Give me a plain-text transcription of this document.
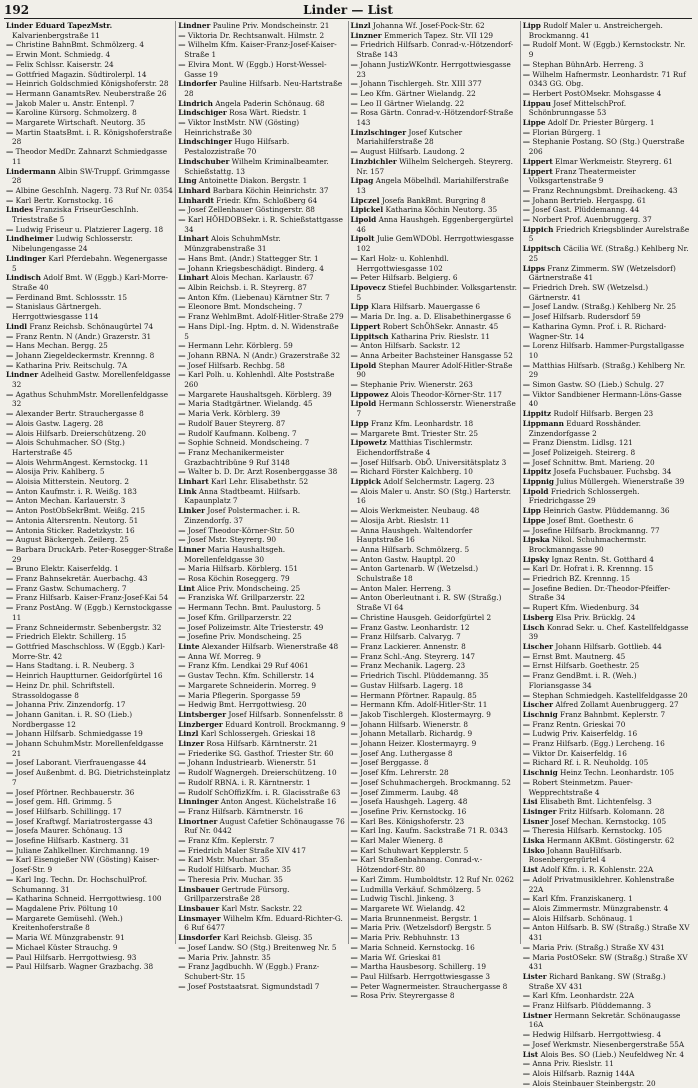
192	Linder — List

Linder Eduard TapezMstr. Kalvarienbergstraße 11

— Christine BahnBmt. Schmölzerg. 4

— Erwin Mont. Schmiedg. 4

— Felix Schlssr. Kaiserstr. 24

— Gottfried Magazin. Südtirolerpl. 14

— Heinrich Goldschmied Königshoferstr. 28

— Hermann GanamtsRev. Neuberstraße 26

— Jakob Maler u. Anstr. Entenpl. 7

— Karoline Kürsorg. Schmolzerg. 8

— Margarete Wirtschaft. Neutorg. 35

— Martin StaatsBmt. i. R. Königshoferstraße 28

— Theodor MedDr. Zahnarzt Schmiedgasse 11

Lindermann Albin SW-Truppf. Grimmgasse 28

— Albine GeschInh. Nagerg. 73 Ruf Nr. 0354

— Karl Bertr. Kornstockg. 16

Lindes Franziska FriseurGeschInh. Trieststraße 5

— Ludwig Friseur u. Platzierer Lagerg. 18

Lindheimer Ludwig Schlosserstr. Nibelungengasse 24

Lindinger Karl Pferdebahn. Wegenergasse 5

Lindisch Adolf Bmt. W (Eggb.) Karl-Morre-Straße 40

— Ferdinand Bmt. Schlossstr. 15

— Stanislaus Gärtnergeh. Herrgottwiesgasse 114

Lindl Franz Reichsb. Schönaugürtel 74

— Franz Rentn. N (Andr.) Grazerstr. 31

— Hans Mechan. Bergg. 25

— Johann Ziegeldeckermstr. Krennng. 8

— Katharina Priv. Reitschulg. 7A

Lindner Adelheid Gastw. Morellenfeldgasse 32

— Agathus SchuhmMstr. Morellenfeldgasse 32

— Alexander Bertr. Strauchergasse 8

— Alois Gastw. Lagerg. 28

— Alois Hilfsarb. Dreierschützeng. 20

— Alois Schuhmacher. SO (Stg.) Harterstraße 45

— Alois WehrmAngest. Kernstockg. 11

— Alosija Priv. Kahlberg. 5

— Aloisia Mitterstein. Neutorg. 2

— Anton Kaufmstr. i. R. Weißg. 183

— Anton Mechan. Karlauerstr. 3

— Anton PostObSekrBmt. Weißg. 215

— Antonia Altersrentn. Neutorg. 51

— Antonia Sticker. Radetzkystr. 16

— August Bäckergeh. Zeilerg. 25

— Barbara DruckArb. Peter-Rosegger-Straße 29

— Bruno Elektr. Kaiserfeldg. 1

— Franz Bahnsekretär. Auerbachg. 43

— Franz Gastw. Schumacherg. 7

— Franz Hilfsarb. Kaiser-Franz-Josef-Kai 54

— Franz PostAng. W (Eggb.) Kernstockgasse 11

— Franz Schneidermstr. Sebenbergstr. 32

— Friedrich Elektr. Schillerg. 15

— Gottfried Maschschloss. W (Eggb.) Karl-Morre-Str. 42

— Hans Stadtang. i. R. Neuberg. 3

— Heinrich Hauptturner. Geidorfgürtel 16

— Heinz Dr. phil. Schriftstell. Strassoldogasse 8

— Johanna Priv. Zinzendorfg. 17

— Johann Ganitan. i. R. SO (Lieb.) Nordbergasse 12

— Johann Hilfsarb. Schmiedgasse 19

— Johann SchuhmMstr. Morellenfeldgasse 21

— Josef Laborant. Vierfrauengasse 44

— Josef Außenbmt. d. BG. Dietrichsteinplatz 7

— Josef Pförtner. Rechbauerstr. 36

— Josef gem. Hfl. Grimmg. 5

— Josef Hilfsarb. Schillingg. 17

— Josef Kraftwgf. Mariatrostergasse 43

— Josefa Maurer. Schönaug. 13

— Josefine Hilfsarb. Kastnerg. 31

— Juliane Zahlkellner. Kirchmanng. 19

— Karl Eisengießer NW (Gösting) Kaiser-Josef-Str. 9

— Karl Ing. Techn. Dr. HochschulProf. Schumanng. 31

— Katharina Schneid. Herrgottwiesg. 100

— Magdalene Priv. Pöltung 10

— Margarete Gemüsehl. (Weh.) Kreitenhoferstraße 8

— Maria Wf. Münzgrabenstr. 91

— Michael Küster Strauchg. 9

— Paul Hilfsarb. Herrgottwiesg. 93

— Paul Hilfsarb. Wagner Grazbachg. 38

Lindner Pauline Priv. Mondscheinstr. 21

— Viktoria Dr. Rechtsanwalt. Hilmstr. 2

— Wilhelm Kfm. Kaiser-Franz-Josef-Kaiser-Straße 1

— Elvira Mont. W (Eggb.) Horst-Wessel-Gasse 19

Lindorfer Pauline Hilfsarb. Neu-Hartstraße 28

Lindrich Angela Paderin Schönaug. 68

Lindschiger Rosa Wärt. Riedstr. 1

— Viktor InstMstr. NW (Gösting) Heinrichstraße 30

Lindschinger Hugo Hilfsarb. Pestalozzistraße 70

Lindschuber Wilhelm Kriminalbeamter. Schießstattg. 13

Ling Antoinette Diakon. Bergstr. 1

Linhard Barbara Köchin Heinrichstr. 37

Linhardt Friedr. Kfm. Schloßberg 64

— Josef Zellenhauer Göstingerstr. 88

— Karl HÖHDOBSekr. i. R. Schießstattgasse 34

Linhart Alois SchuhmMstr. Münzgrabenstraße 31

— Hans Bmt. (Andr.) Stattegger Str. 1

— Johann Kriegsbeschädigt. Binderg. 4

Linhart Alois Mechan. Karlaustr. 67

— Albin Reichsb. i. R. Steyrerg. 87

— Anton Kfm. (Liebenau) Kärntner Str. 7

— Eleonore Bmt. Mondscheing. 7

— Franz WehlmBmt. Adolf-Hitler-Straße 279

— Hans Dipl.-Ing. Hptm. d. N. Widenstraße 5

— Hermann Lehr. Körblerg. 59

— Johann RBNA. N (Andr.) Grazerstraße 32

— Josef Hilfsarb. Rechbg. 58

— Karl Polh. u. Kohlenhdl. Alte Poststraße 260

— Margarete Haushaltsgeh. Körblerg. 39

— Maria Stadtgärtner. Wielandg. 45

— Maria Verk. Körblerg. 39

— Rudolf Bauer Steyrerg. 87

— Rudolf Kaufmann. Kolbeng. 7

— Sophie Schneid. Mondscheing. 7

— Franz Mechanikermeister Grazbachtribüne 9 Ruf 3148

— Walter b. D. Dr. Arzt Rosenberggasse 38

Linhart Karl Lehr. Elisabethstr. 52

Link Anna Stadtbeamt. Hilfsarb. Kapaunplatz 7

Linker Josef Polstermacher. i. R. Zinzendorfg. 37

— Josef Theodor-Körner-Str. 50

— Josef Mstr. Steyrerg. 90

Linner Maria Haushaltsgeh. Morellenfeldgasse 30

— Maria Hilfsarb. Körblerg. 151

— Rosa Köchin Roseggerg. 79

Lint Alice Priv. Mondscheing. 25

— Franziska Wf. Grillparzerstr. 22

— Hermann Techn. Bmt. Paulustorg. 5

— Josef Kfm. Grillparzerstr. 22

— Josef Polizeimstr. Alte Triesterstr. 49

— Josefine Priv. Mondscheing. 25

Linte Alexander Hilfsarb. Wienerstraße 48

— Anna Wf. Morreg. 9

— Franz Kfm. Lendkai 29 Ruf 4061

— Gustav Techn. Kfm. Schillerstr. 14

— Margarete Schneiderin. Morreg. 9

— Maria Pflegerin. Sporgasse 59

— Hedwig Bmt. Herrgottwiesg. 20

Lintsberger Josef Hilfsarb. Sonnenfelsstr. 8

Linzberger Eduard Kontroll. Brockmanng. 9

Linzl Karl Schlossergeh. Grieskai 18

Linzer Rosa Hilfsarb. Kärntnerstr. 21

— Friederike SG. Gasthof. Triester Str. 60

— Johann Industriearb. Wienerstr. 51

— Rudolf Wagnergeh. Dreierschützeng. 10

— Rudolf RBNA. i. R. Kärntnerstr. 1

— Rudolf SchOffizKfm. i. R. Glacisstraße 63

Linninger Anton Angest. Küchelstraße 16

— Franz Hilfsarb. Kärntnerstr. 16

Linortner August Cafetier Schönaugasse 76 Ruf Nr. 0442

— Franz Kfm. Keplerstr. 7

— Friedrich Maler Straße XIV 417

— Karl Mstr. Muchar. 35

— Rudolf Hilfsarb. Muchar. 35

— Theresia Priv. Muchar. 35

Linsbauer Gertrude Fürsorg. Grillparzerstraße 28

Linsbauer Karl Mstr. Sackstr. 22

Linsmayer Wilhelm Kfm. Eduard-Richter-G. 6 Ruf 6477

Linsdorfer Karl Reichsb. Gleisg. 35

— Josef Landw. SO (Stg.) Breitenweg Nr. 5

— Maria Priv. Jahnstr. 35

— Franz Jagdbuchh. W (Eggb.) Franz-Schubert-Str. 15

— Josef Poststaatsrat. Sigmundstadl 7

Linzl Johanna Wf. Josef-Pock-Str. 62

Linzner Emmerich Tapez. Str. VII 129

— Friedrich Hilfsarb. Conrad-v.-Hötzendorf-Straße 143

— Johann JustizWKontr. Herrgottwiesgasse 23

— Johann Tischlergeh. Str. XIII 377

— Leo Kfm. Gärtner Wielandg. 22

— Leo II Gärtner Wielandg. 22

— Rosa Gärtn. Conrad-v.-Hötzendorf-Straße 143

Linzlschinger Josef Kutscher Mariahilferstraße 28

— August Hilfsarb. Laudong. 2

Linzbichler Wilhelm Selchergeh. Steyrerg. Nr. 157

Lipag Angela Möbelhdl. Mariahilferstraße 13

Lipczel Josefa BankBmt. Burgring 8

Lipickel Katharina Köchin Neutorg. 35

Lipold Anna Haushgeh. Eggenbergergürtel 46

Lipolt Julie GemWDObl. Herrgottwiesgasse 102

— Karl Holz- u. Kohlenhdl. Herrgottwiesgasse 102

— Peter Hilfsarb. Belgierg. 6

Lipovecz Stiefel Buchbinder. Volksgartenstr. 5

Lipp Klara Hilfsarb. Mauergasse 6

— Maria Dr. Ing. a. D. Elisabethinergasse 6

Lippert Robert SchÖhSekr. Annastr. 45

Lippitsch Katharina Priv. Rieslstr. 11

— Anton Hilfsarb. Sackstr. 12

— Anna Arbeiter Bachsteiner Hansgasse 52

Lipold Stephan Maurer Adolf-Hitler-Straße 90

— Stephanie Priv. Wienerstr. 263

Lippowez Alois Theodor-Körner-Str. 117

Lipold Hermann Schlosserstr. Wienerstraße 7

Lipp Franz Kfm. Leonhardstr. 18

— Margarete Bmt. Triester Str. 25

Lipowetz Matthias Tischlermstr. Eichendorffstraße 4

— Josef Hilfsarb. ObÖ. Universitätsplatz 3

— Richard Förster Kalchberg. 10

Lippick Adolf Selchermstr. Lagerg. 23

— Alois Maler u. Anstr. SO (Stg.) Harterstr. 16

— Alois Werkmeister. Neubaug. 48

— Alosija Arbt. Rieslstr. 11

— Anna Haushgeh. Waltendorfer Hauptstraße 16

— Anna Hilfsarb. Schmölzerg. 5

— Anton Gastw. Hauptpl. 20

— Anton Gartenarb. W (Wetzelsd.) Schulstraße 18

— Anton Maler. Herreng. 3

— Anton Oberleutnant i. R. SW (Straßg.) Straße VI 64

— Christine Hausgeh. Geidorfgürtel 2

— Franz Gastw. Leonhardstr. 12

— Franz Hilfsarb. Calvaryg. 7

— Franz Lackierer. Annenstr. 8

— Franz Schl.-Ang. Steyrerg. 147

— Franz Mechanik. Lagerg. 23

— Friedrich Tischl. Plüddemanng. 35

— Gustav Hilfsarb. Lagerg. 18

— Hermann Pförtner. Rapaulg. 85

— Hermann Kfm. Adolf-Hitler-Str. 11

— Jakob Tischlergeh. Klostermayrg. 9

— Johann Hilfsarb. Wienerstr. 8

— Johann Metallarb. Richardg. 9

— Johann Heizer. Klostermayrg. 9

— Josef Ang. Luthergasse 8

— Josef Berggasse. 8

— Josef Kfm. Lehrerstr. 28

— Josef Schuhmachergeh. Brockmanng. 52

— Josef Zimmerm. Laubg. 48

— Josefa Haushgeh. Lagerg. 48

— Josefine Priv. Kernstockg. 16

— Karl Bes. Königshoferstr. 23

— Karl Ing. Kaufm. Sackstraße 71 R. 0343

— Karl Maler Wienerg. 8

— Karl Schuhwart Kepplerstr. 5

— Karl Straßenbahnang. Conrad-v.-Hötzendorf-Str. 80

— Karl Zimm. Humboldtstr. 12 Ruf Nr. 0262

— Ludmilla Verkäuf. Schmölzerg. 5

— Ludwig Tischl. Jinkeng. 3

— Margarete Wf. Wielandg. 42

— Maria Brunnenmeist. Bergstr. 1

— Maria Priv. (Wetzelsdorf) Bergstr. 5

— Maria Priv. Rebhuhnstr. 13

— Maria Schneid. Kernstockg. 16

— Maria Wf. Grieskai 81

— Martha Hausbesorg. Schillerg. 19

— Paul Hilfsarb. Herrgottwiesgasse 3

— Peter Wagnermeister. Strauchergasse 8

— Rosa Priv. Steyrergasse 8

Lipp Rudolf Maler u. Anstreichergeh. Brockmanng. 41

— Rudolf Mont. W (Eggb.) Kernstockstr. Nr. 9

— Stephan BühnArb. Herreng. 3

— Wilhelm Hafnermstr. Leonhardstr. 71 Ruf 0343 GG. Obg.

— Herbert PostOMsekr. Mohsgasse 4

Lippau Josef MittelschProf. Schönbrunngasse 53

Lippe Adolf Dr. Priester Bürgerg. 1

— Florian Bürgerg. 1

— Stephanie Postang. SO (Stg.) Querstraße 206

Lippert Elmar Werkmeistr. Steyrerg. 61

Lippert Franz Theatermeister Volksgartenstraße 9

— Franz Rechnungsbmt. Dreihackeng. 43

— Johann Bertrieb. Hergaspg. 61

— Josef Gast. Plüddemanng. 44

— Norbert Prof. Auenbruggerg. 37

Lippich Friedrich Kriegsblinder Aurelstraße 5

Lippitsch Cäcilia Wf. (Straßg.) Kehlberg Nr. 25

Lipps Franz Zimmerm. SW (Wetzelsdorf) Gärtnerstraße 41

— Friedrich Dreh. SW (Wetzelsd.) Gärtnerstr. 41

— Josef Landw. (Straßg.) Kehlberg Nr. 25

— Josef Hilfsarb. Rudersdorf 59

— Katharina Gymn. Prof. i. R. Richard-Wagner-Str. 14

— Lorenz Hilfsarb. Hammer-Purgstallgasse 10

— Matthias Hilfsarb. (Straßg.) Kehlberg Nr. 29

— Simon Gastw. SO (Lieb.) Schulg. 27

— Viktor Sandbiener Hermann-Löns-Gasse 40

Lippitz Rudolf Hilfsarb. Bergen 23

Lippmann Eduard Rosshänder. Zinzendorfgasse 2

— Franz Dienstm. Lidlsg. 121

— Josef Polizeigeh. Steirerg. 8

— Josef Schnittw. Bmt. Marieng. 20

Lippitz Josefa Fuchsbauer. Fuchsbg. 34

Lippnig Julius Müllergeh. Wienerstraße 39

Lipold Friedrich Schlossergeh. Friedrichgasse 29

Lipp Heinrich Gastw. Plüddemanng. 36

Lippe Josef Bmt. Goethestr. 6

— Josefine Hilfsarb. Brockmanng. 77

Lipska Nikol. Schuhmachermstr. Brockmanngasse 90

Lipsky Ignaz Rentn. St. Gotthard 4

— Karl Dr. Hofrat i. R. Krennng. 15

— Friedrich BZ. Krennng. 15

— Josefine Bedien. Dr.-Theodor-Pfeiffer-Straße 34

— Rupert Kfm. Wiedenburg. 34

Lisberg Elsa Priv. Brücklg. 24

Lisch Konrad Sekr. u. Chef. Kastellfeldgasse 39

Lischer Johann Hilfsarb. Gottlieb. 44

— Ernst Bmt. Mautnerg. 45

— Ernst Hilfsarb. Goethestr. 25

— Franz GendBmt. i. R. (Weh.) Floriansgasse 34

— Stephan Schmiedgeh. Kastellfeldgasse 20

Lischer Alfred Zollamt Auenbruggerg. 27

Lischnig Franz Bahnbmt. Keplerstr. 7

— Franz Rentn. Grieskai 70

— Ludwig Priv. Kaiserfeldg. 16

— Franz Hilfsarb. (Egg.) Lercheng. 16

— Viktor Dr. Kaiserfeldg. 16

— Richard Rf. i. R. Neuholdg. 105

Lischnig Heinz Techn. Leonhardstr. 105

— Robert Steinmetzm. Pauer-Wepprechtstraße 4

Lisi Elisabeth Bmt. Lichtenfelsg. 3

Lisinger Fritz Hilfsarb. Kolomann. 28

Lisner Josef Mechan. Kernstockg. 105

— Theresia Hilfsarb. Kernstockg. 105

Liska Hermann AKBmt. Göstingerstr. 62

Lisko Johann BauHilfsarb. Rosenbergergürtel 4

List Adolf Kfm. i. R. Kohlenstr. 22A

— Adolf Privatmusiklehrer. Kohlenstraße 22A

— Karl Kfm. Franziskanerg. 1

— Alois Zimmermstr. Münzgrabenstr. 4

— Alois Hilfsarb. Schönaug. 1

— Anton Hilfsarb. B. SW (Straßg.) Straße XV 431

— Maria Priv. (Straßg.) Straße XV 431

— Maria PostOSekr. SW (Straßg.) Straße XV 431

Lister Richard Bankang. SW (Straßg.) Straße XV 431

— Karl Kfm. Leonhardstr. 22A

— Franz Hilfsarb. Plüddemanng. 3

Listner Hermann Sekretär. Schönaugasse 16A

— Hedwig Hilfsarb. Herrgottwiesg. 4

— Josef Werkmstr. Niesenbergerstraße 55A

List Alois Bes. SO (Lieb.) Neufeldweg Nr. 4

— Anna Priv. Rieslstr. 11

— Alois Hilfsarb. Raznig 144A

— Alois Steinbauer Steinbergstr. 20
